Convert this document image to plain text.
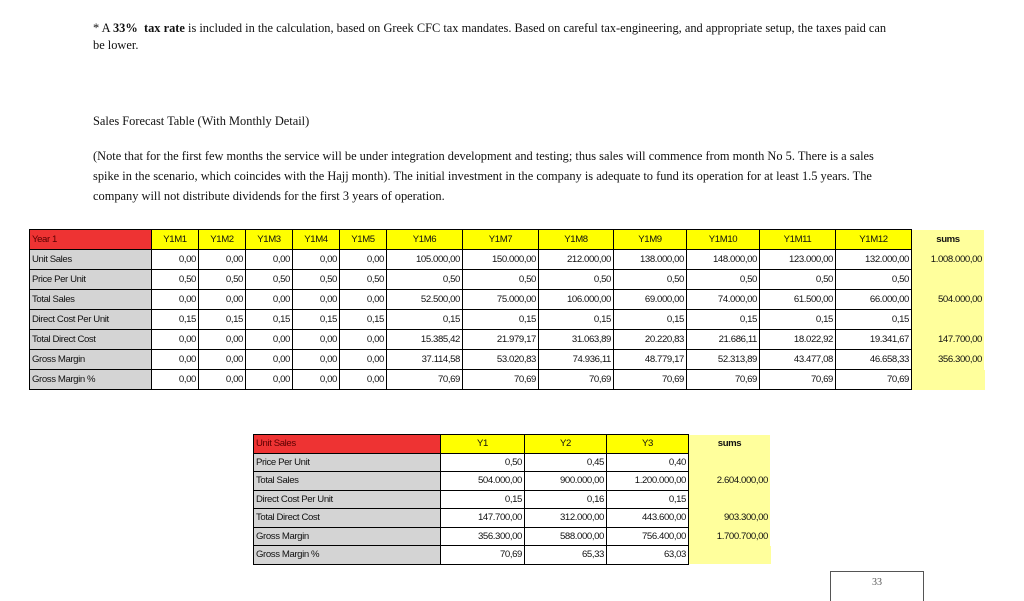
* A 33% tax rate is included in the calculation, based on Greek CFC tax mandates. Based on careful tax-engineering, and appropriate setup, the taxes paid can be lower.
Sales Forecast Table (With Monthly Detail)
(Note that for the first few months the service will be under integration development and testing; thus sales will commence from month No 5. There is a sales spike in the scenario, which coincides with the Hajj month). The initial investment in the company is adequate to fund its operation for at least 1.5 years. The company will not distribute dividends for the first 3 years of operation.
Year 1	Y1M1	Y1M2	Y1M3	Y1M4	Y1M5	Y1M6	Y1M7	Y1M8	Y1M9	Y1M10	Y1M11	Y1M12	sums
Unit Sales	0,00	0,00	0,00	0,00	0,00	105.000,00	150.000,00	212.000,00	138.000,00	148.000,00	123.000,00	132.000,00	1.008.000,00
Price Per Unit	0,50	0,50	0,50	0,50	0,50	0,50	0,50	0,50	0,50	0,50	0,50	0,50	
Total Sales	0,00	0,00	0,00	0,00	0,00	52.500,00	75.000,00	106.000,00	69.000,00	74.000,00	61.500,00	66.000,00	504.000,00
Direct Cost Per Unit	0,15	0,15	0,15	0,15	0,15	0,15	0,15	0,15	0,15	0,15	0,15	0,15	
Total Direct Cost	0,00	0,00	0,00	0,00	0,00	15.385,42	21.979,17	31.063,89	20.220,83	21.686,11	18.022,92	19.341,67	147.700,00
Gross Margin	0,00	0,00	0,00	0,00	0,00	37.114,58	53.020,83	74.936,11	48.779,17	52.313,89	43.477,08	46.658,33	356.300,00
Gross Margin %	0,00	0,00	0,00	0,00	0,00	70,69	70,69	70,69	70,69	70,69	70,69	70,69	
Unit Sales	Y1	Y2	Y3	sums
Price Per Unit	0,50	0,45	0,40	
Total Sales	504.000,00	900.000,00	1.200.000,00	2.604.000,00
Direct Cost Per Unit	0,15	0,16	0,15	
Total Direct Cost	147.700,00	312.000,00	443.600,00	903.300,00
Gross Margin	356.300,00	588.000,00	756.400,00	1.700.700,00
Gross Margin %	70,69	65,33	63,03	
33
